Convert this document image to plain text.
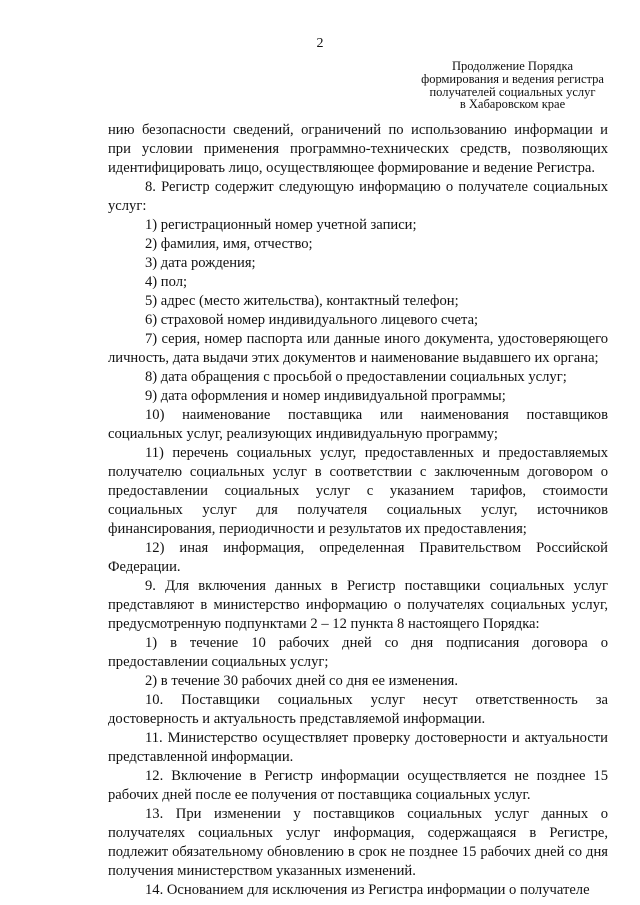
2
Продолжение Порядка
формирования и ведения регистра
получателей социальных услуг
в Хабаровском крае

нию безопасности сведений, ограничений по использованию информации и при условии применения программно-технических средств, позволяющих идентифицировать лицо, осуществляющее формирование и ведение Регистра.

8. Регистр содержит следующую информацию о получателе социальных услуг:

1) регистрационный номер учетной записи;

2) фамилия, имя, отчество;

3) дата рождения;

4) пол;

5) адрес (место жительства), контактный телефон;

6) страховой номер индивидуального лицевого счета;

7) серия, номер паспорта или данные иного документа, удостоверяющего личность, дата выдачи этих документов и наименование выдавшего их органа;

8) дата обращения с просьбой о предоставлении социальных услуг;

9) дата оформления и номер индивидуальной программы;

10) наименование поставщика или наименования поставщиков социальных услуг, реализующих индивидуальную программу;

11) перечень социальных услуг, предоставленных и предоставляемых получателю социальных услуг в соответствии с заключенным договором о предоставлении социальных услуг с указанием тарифов, стоимости социальных услуг для получателя социальных услуг, источников финансирования, периодичности и результатов их предоставления;

12) иная информация, определенная Правительством Российской Федерации.

9. Для включения данных в Регистр поставщики социальных услуг представляют в министерство информацию о получателях социальных услуг, предусмотренную подпунктами 2 – 12 пункта 8 настоящего Порядка:

1) в течение 10 рабочих дней со дня подписания договора о предоставлении социальных услуг;

2) в течение 30 рабочих дней со дня ее изменения.

10. Поставщики социальных услуг несут ответственность за достоверность и актуальность представляемой информации.

11. Министерство осуществляет проверку достоверности и актуальности представленной информации.

12. Включение в Регистр информации осуществляется не позднее 15 рабочих дней после ее получения от поставщика социальных услуг.

13. При изменении у поставщиков социальных услуг данных о получателях социальных услуг информация, содержащаяся в Регистре, подлежит обязательному обновлению в срок не позднее 15 рабочих дней со дня получения министерством указанных изменений.

14. Основанием для исключения из Регистра информации о получателе
